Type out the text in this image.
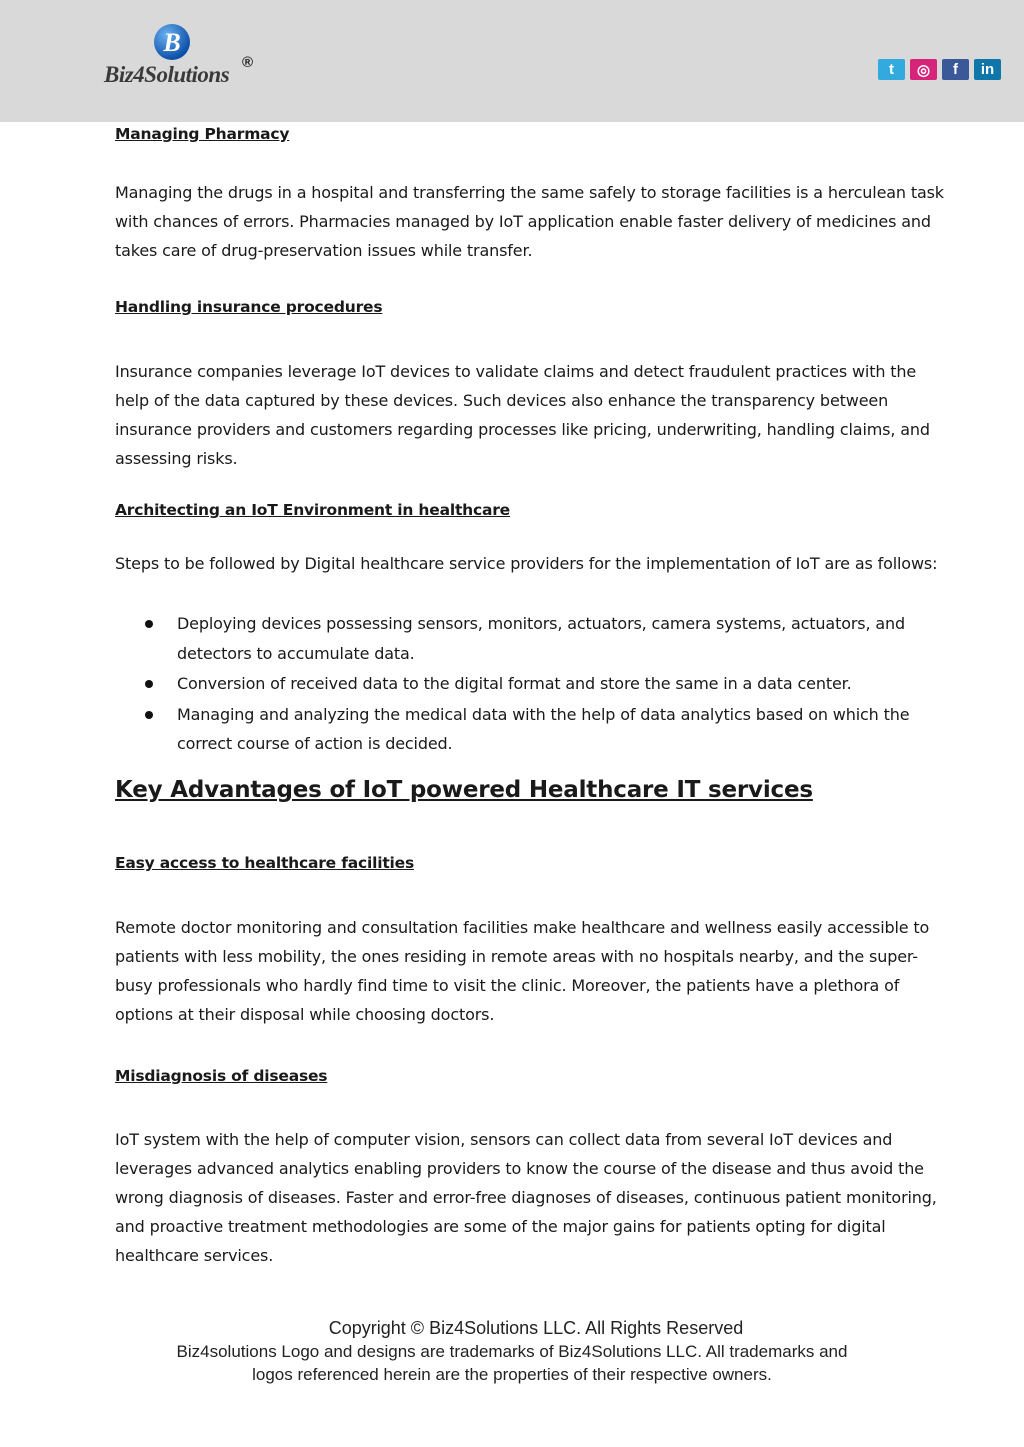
B
Biz4Solutions ®	t ◎ f in
Managing Pharmacy
Managing the drugs in a hospital and transferring the same safely to storage facilities is a herculean task with chances of errors. Pharmacies managed by IoT application enable faster delivery of medicines and takes care of drug-preservation issues while transfer.
Handling insurance procedures
Insurance companies leverage IoT devices to validate claims and detect fraudulent practices with the help of the data captured by these devices. Such devices also enhance the transparency between insurance providers and customers regarding processes like pricing, underwriting, handling claims, and assessing risks.
Architecting an IoT Environment in healthcare
Steps to be followed by Digital healthcare service providers for the implementation of IoT are as follows:
Deploying devices possessing sensors, monitors, actuators, camera systems, actuators, and detectors to accumulate data.
Conversion of received data to the digital format and store the same in a data center.
Managing and analyzing the medical data with the help of data analytics based on which the correct course of action is decided.
Key Advantages of IoT powered Healthcare IT services
Easy access to healthcare facilities
Remote doctor monitoring and consultation facilities make healthcare and wellness easily accessible to patients with less mobility, the ones residing in remote areas with no hospitals nearby, and the super-busy professionals who hardly find time to visit the clinic. Moreover, the patients have a plethora of options at their disposal while choosing doctors.
Misdiagnosis of diseases
IoT system with the help of computer vision, sensors can collect data from several IoT devices and leverages advanced analytics enabling providers to know the course of the disease and thus avoid the wrong diagnosis of diseases. Faster and error-free diagnoses of diseases, continuous patient monitoring, and proactive treatment methodologies are some of the major gains for patients opting for digital healthcare services.
Copyright © Biz4Solutions LLC. All Rights Reserved
Biz4solutions Logo and designs are trademarks of Biz4Solutions LLC. All trademarks and
logos referenced herein are the properties of their respective owners.
